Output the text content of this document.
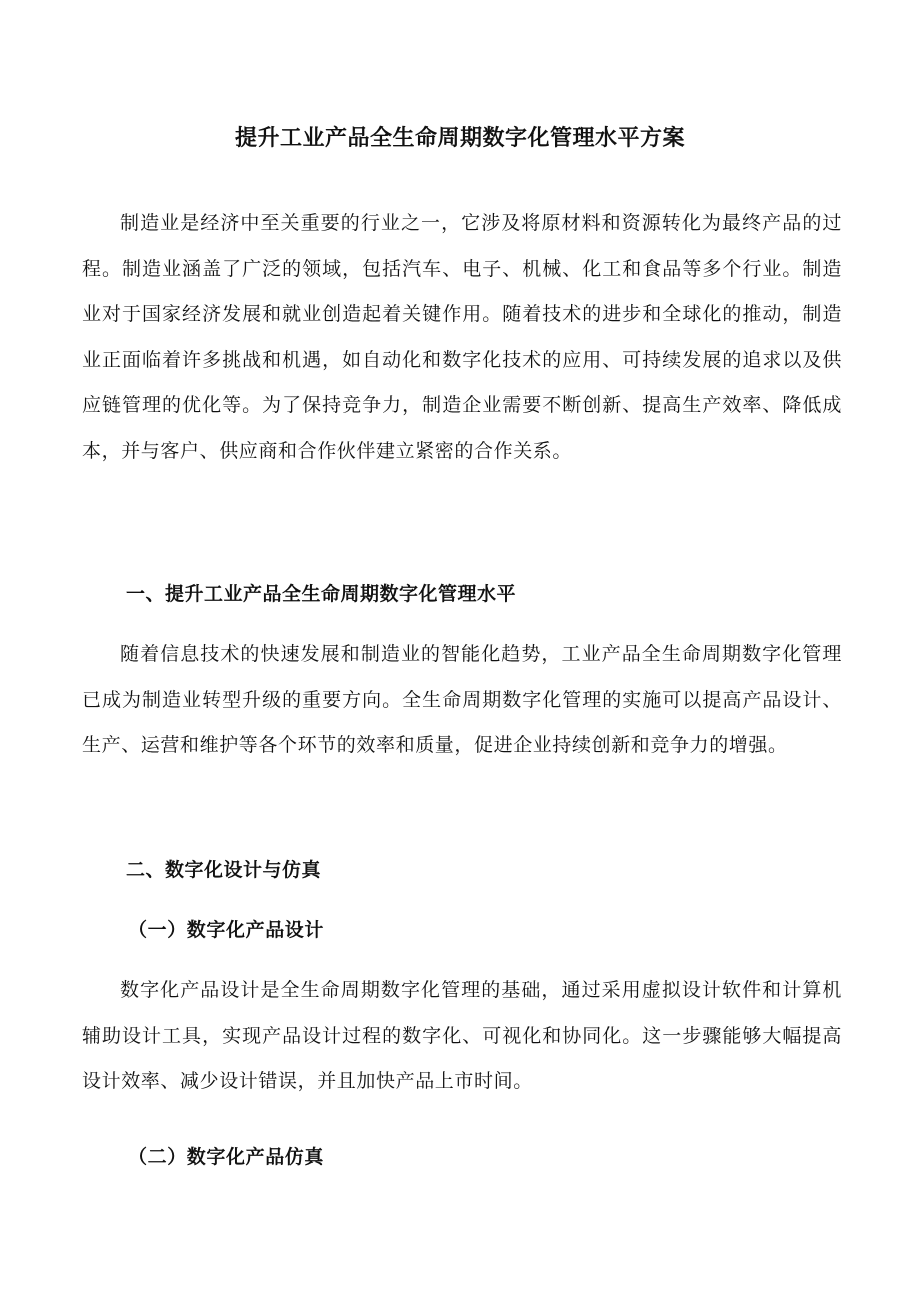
提升工业产品全生命周期数字化管理水平方案

制造业是经济中至关重要的行业之一，它涉及将原材料和资源转化为最终产品的过程。制造业涵盖了广泛的领域，包括汽车、电子、机械、化工和食品等多个行业。制造业对于国家经济发展和就业创造起着关键作用。随着技术的进步和全球化的推动，制造业正面临着许多挑战和机遇，如自动化和数字化技术的应用、可持续发展的追求以及供应链管理的优化等。为了保持竞争力，制造企业需要不断创新、提高生产效率、降低成本，并与客户、供应商和合作伙伴建立紧密的合作关系。

一、提升工业产品全生命周期数字化管理水平

随着信息技术的快速发展和制造业的智能化趋势，工业产品全生命周期数字化管理已成为制造业转型升级的重要方向。全生命周期数字化管理的实施可以提高产品设计、生产、运营和维护等各个环节的效率和质量，促进企业持续创新和竞争力的增强。

二、数字化设计与仿真
（一）数字化产品设计

数字化产品设计是全生命周期数字化管理的基础，通过采用虚拟设计软件和计算机辅助设计工具，实现产品设计过程的数字化、可视化和协同化。这一步骤能够大幅提高设计效率、减少设计错误，并且加快产品上市时间。

（二）数字化产品仿真
